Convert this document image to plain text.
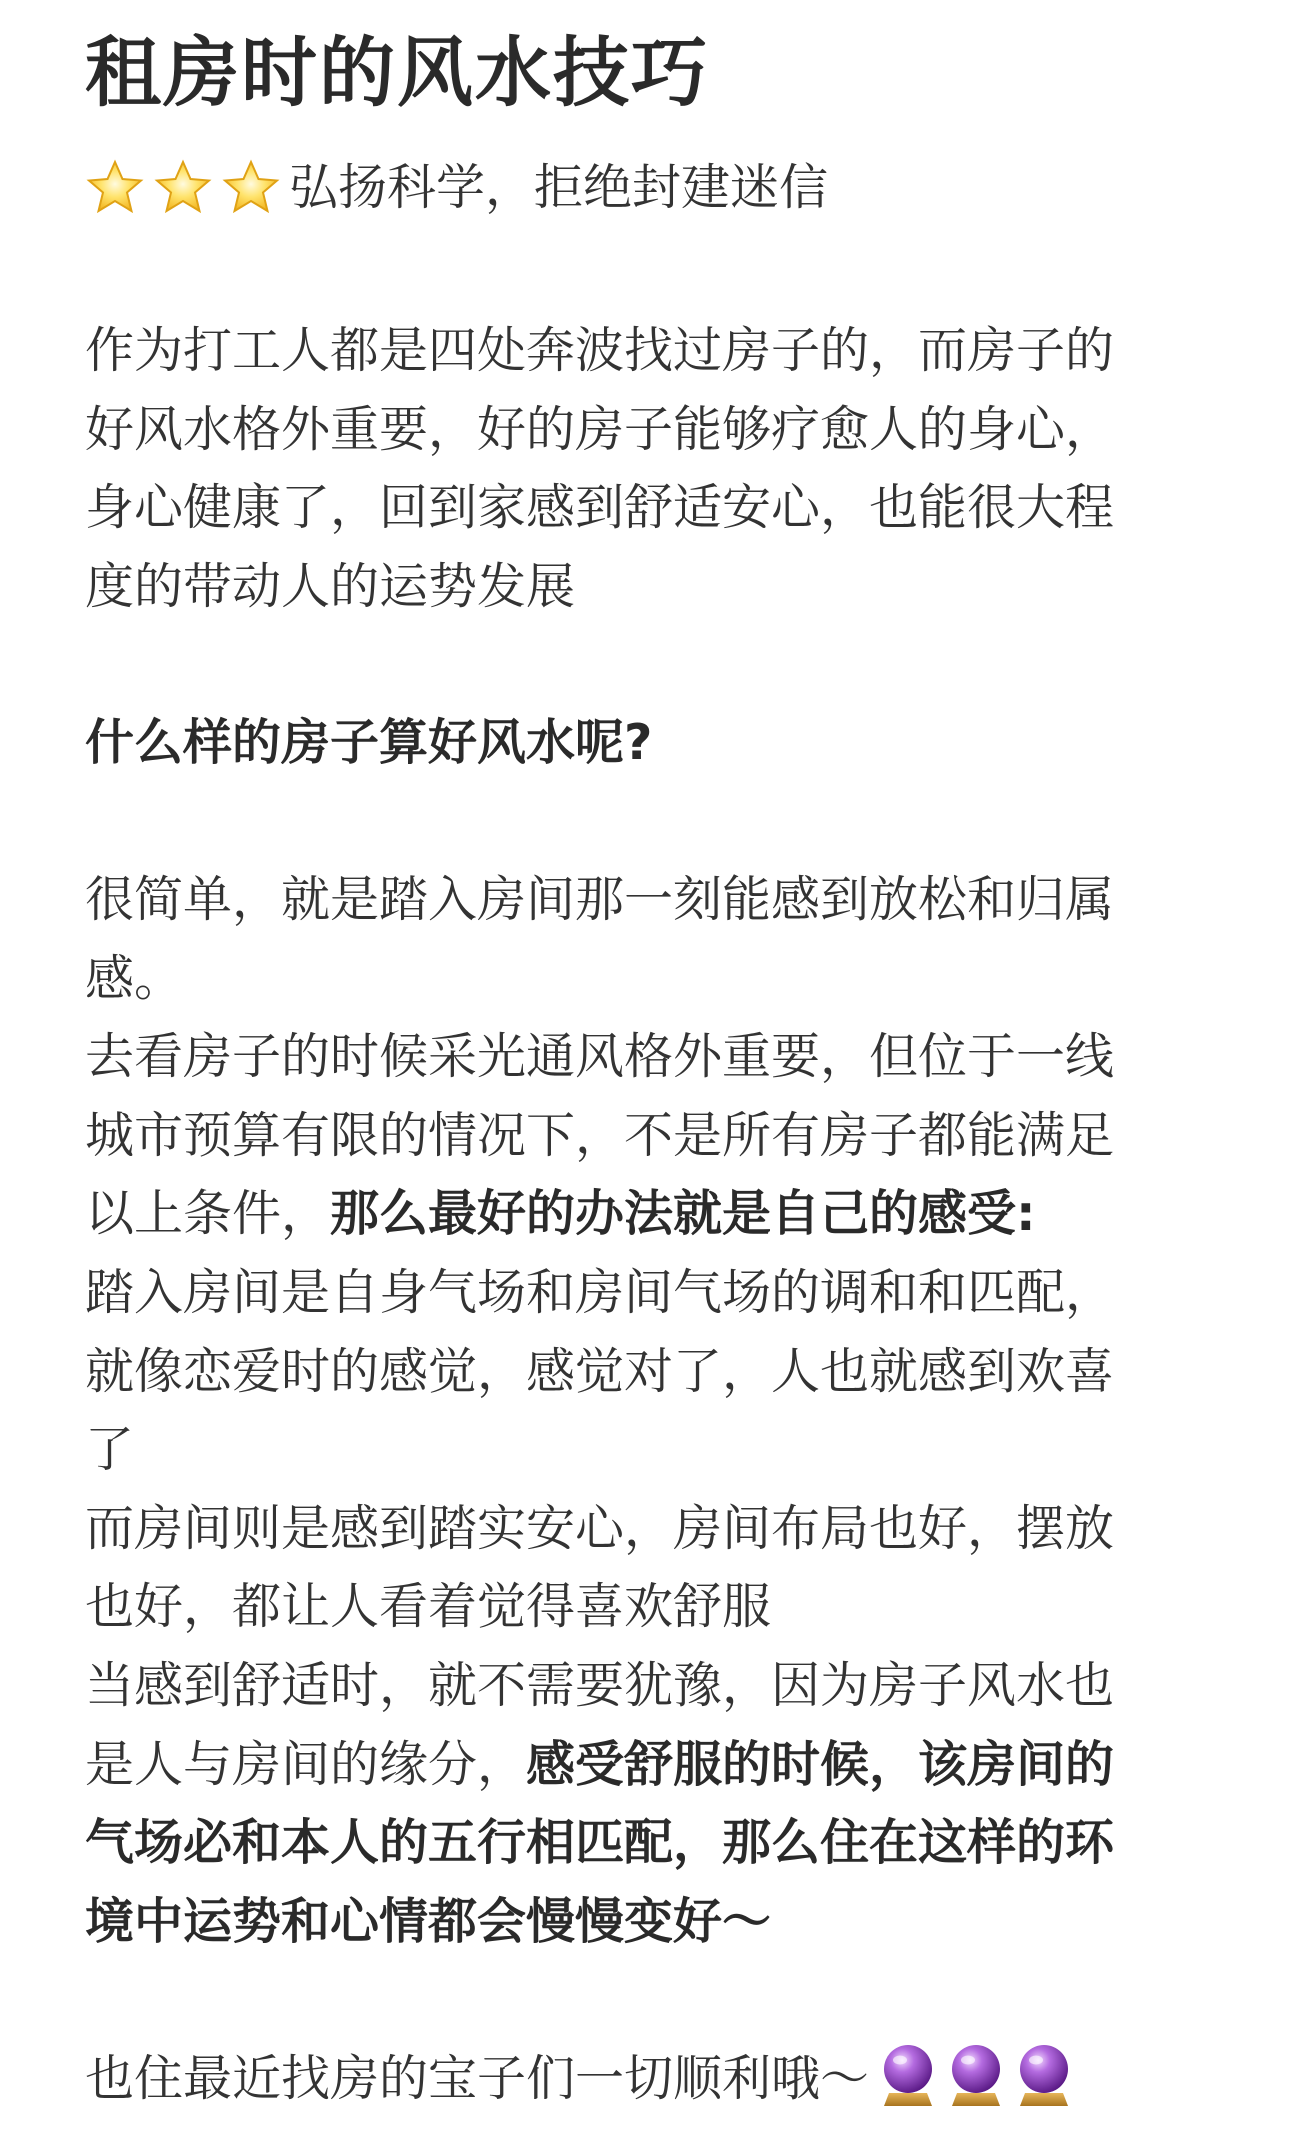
租房时的风水技巧
弘扬科学，拒绝封建迷信

作为打工人都是四处奔波找过房子的，而房子的
好风水格外重要，好的房子能够疗愈人的身心，
身心健康了，回到家感到舒适安心，也能很大程
度的带动人的运势发展

什么样的房子算好风水呢?

很简单，就是踏入房间那一刻能感到放松和归属
感。
去看房子的时候采光通风格外重要，但位于一线
城市预算有限的情况下，不是所有房子都能满足
以上条件，那么最好的办法就是自己的感受:
踏入房间是自身气场和房间气场的调和和匹配，
就像恋爱时的感觉，感觉对了，人也就感到欢喜
了
而房间则是感到踏实安心，房间布局也好，摆放
也好，都让人看着觉得喜欢舒服
当感到舒适时，就不需要犹豫，因为房子风水也
是人与房间的缘分，感受舒服的时候，该房间的
气场必和本人的五行相匹配，那么住在这样的环
境中运势和心情都会慢慢变好～

也住最近找房的宝子们一切顺利哦～
